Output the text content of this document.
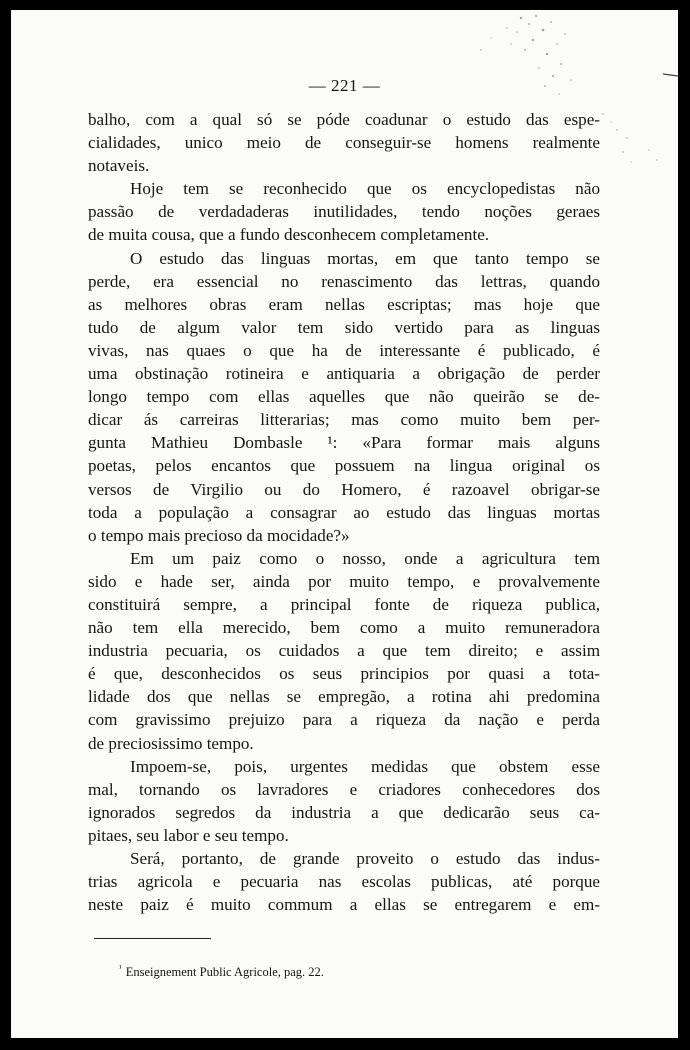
— 221 —
balho, com a qual só se póde coadunar o estudo das espe-
cialidades, unico meio de conseguir-se homens realmente
notaveis.
Hoje tem se reconhecido que os encyclopedistas não
passão de verdadaderas inutilidades, tendo noções geraes
de muita cousa, que a fundo desconhecem completamente.
O estudo das linguas mortas, em que tanto tempo se
perde, era essencial no renascimento das lettras, quando
as melhores obras eram nellas escriptas; mas hoje que
tudo de algum valor tem sido vertido para as linguas
vivas, nas quaes o que ha de interessante é publicado, é
uma obstinação rotineira e antiquaria a obrigação de perder
longo tempo com ellas aquelles que não queirão se de-
dicar ás carreiras litterarias; mas como muito bem per-
gunta Mathieu Dombasle ¹: «Para formar mais alguns
poetas, pelos encantos que possuem na lingua original os
versos de Virgilio ou do Homero, é razoavel obrigar-se
toda a população a consagrar ao estudo das linguas mortas
o tempo mais precioso da mocidade?»
Em um paiz como o nosso, onde a agricultura tem
sido e hade ser, ainda por muito tempo, e provalvemente
constituirá sempre, a principal fonte de riqueza publica,
não tem ella merecido, bem como a muito remuneradora
industria pecuaria, os cuidados a que tem direito; e assim
é que, desconhecidos os seus principios por quasi a tota-
lidade dos que nellas se empregão, a rotina ahi predomina
com gravissimo prejuizo para a riqueza da nação e perda
de preciosissimo tempo.
Impoem-se, pois, urgentes medidas que obstem esse
mal, tornando os lavradores e criadores conhecedores dos
ignorados segredos da industria a que dedicarão seus ca-
pitaes, seu labor e seu tempo.
Será, portanto, de grande proveito o estudo das indus-
trias agricola e pecuaria nas escolas publicas, até porque
neste paiz é muito commum a ellas se entregarem e em-
$^{^1}$ Enseignement Public Agricole, pag. 22.
